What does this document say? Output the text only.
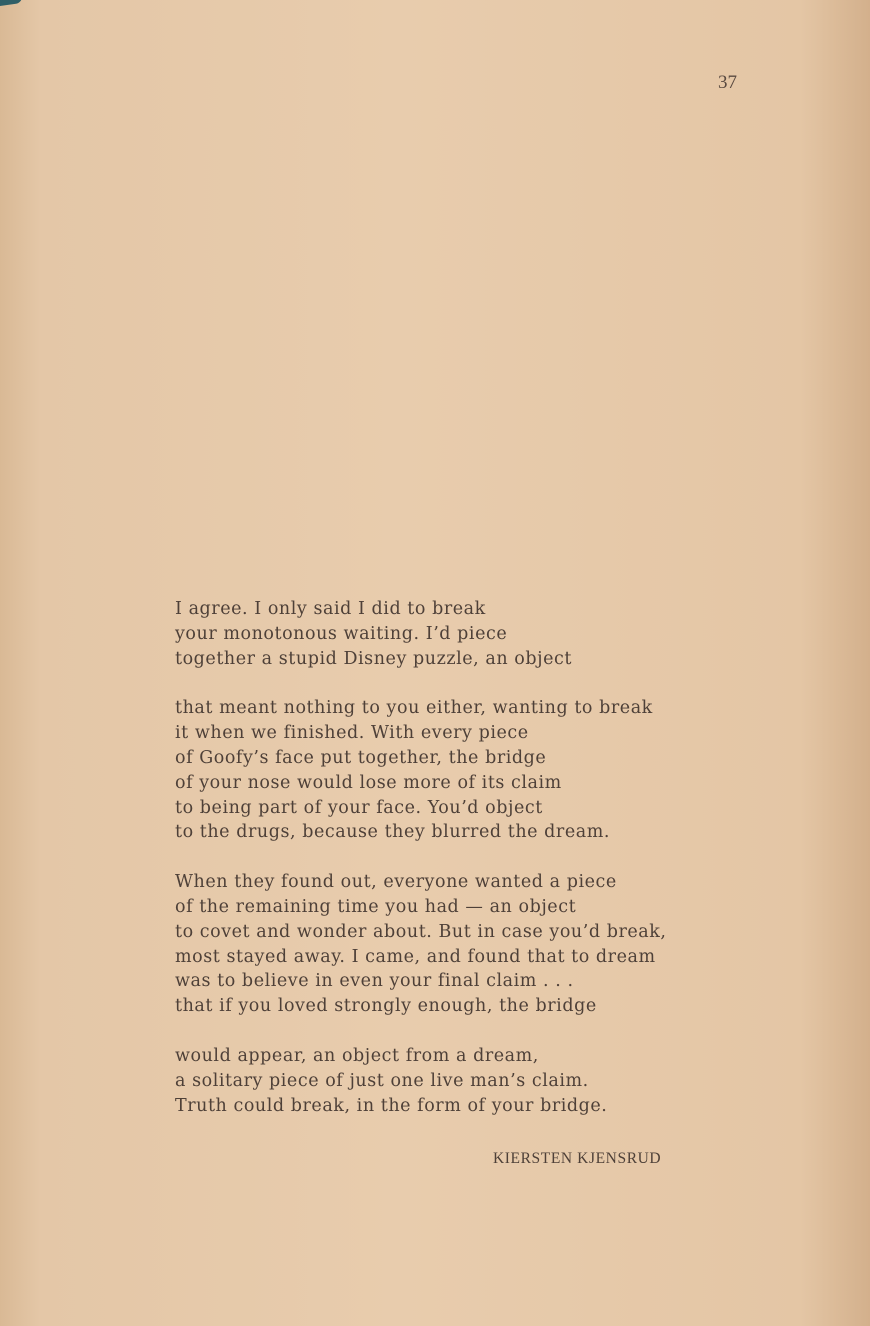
37
I agree. I only said I did to break
your monotonous waiting. I’d piece
together a stupid Disney puzzle, an object
that meant nothing to you either, wanting to break
it when we finished. With every piece
of Goofy’s face put together, the bridge
of your nose would lose more of its claim
to being part of your face. You’d object
to the drugs, because they blurred the dream.
When they found out, everyone wanted a piece
of the remaining time you had — an object
to covet and wonder about. But in case you’d break,
most stayed away. I came, and found that to dream
was to believe in even your final claim . . .
that if you loved strongly enough, the bridge
would appear, an object from a dream,
a solitary piece of just one live man’s claim.
Truth could break, in the form of your bridge.
KIERSTEN KJENSRUD
